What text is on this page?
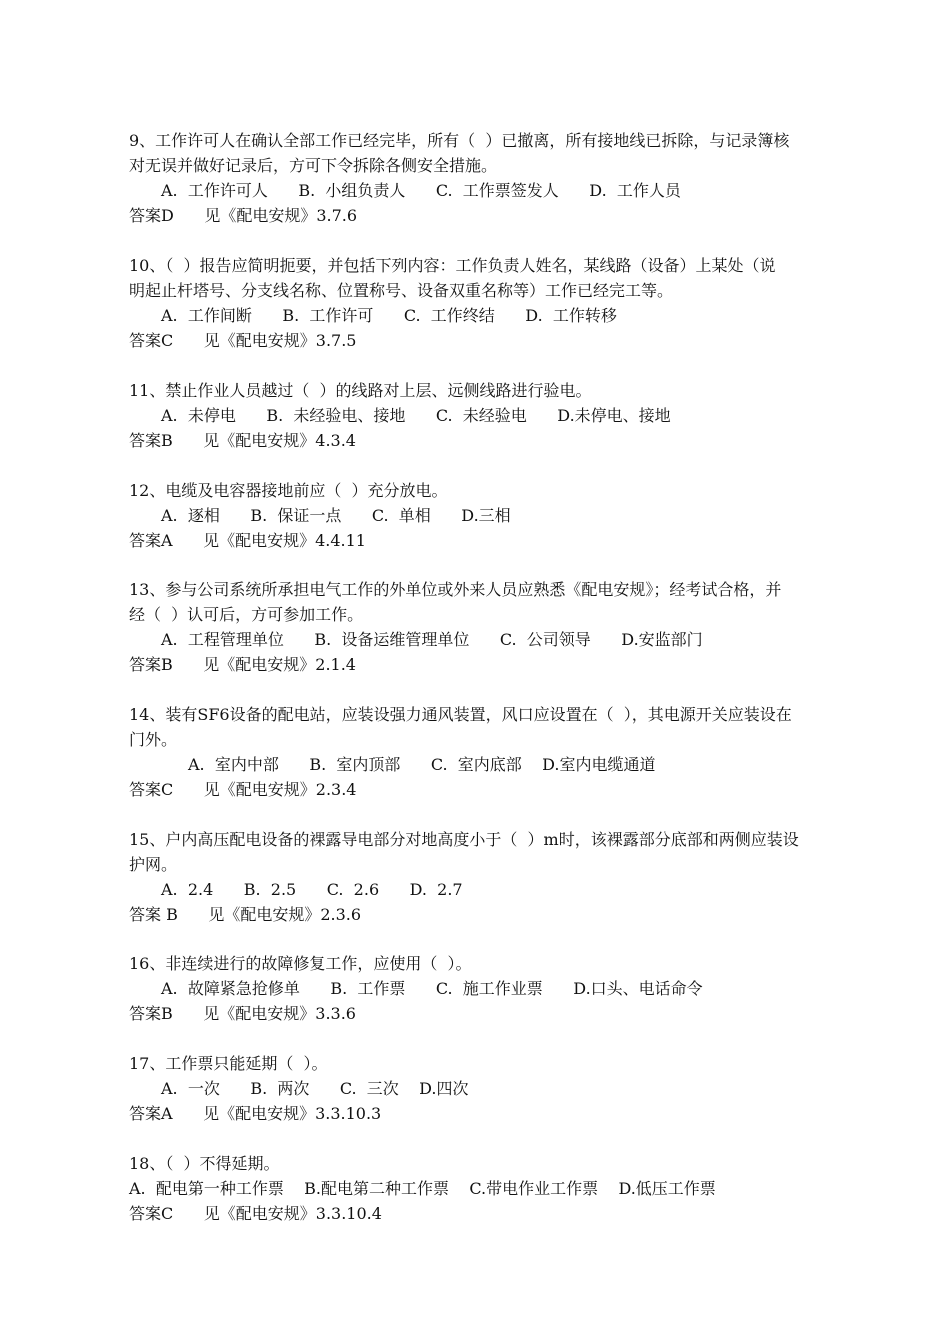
9、工作许可人在确认全部工作已经完毕，所有（  ）已撤离，所有接地线已拆除，与记录簿核
对无误并做好记录后，方可下令拆除各侧安全措施。
A.  工作许可人      B.  小组负责人      C.  工作票签发人      D.  工作人员
答案D      见《配电安规》3.7.6
10、（  ）报告应简明扼要，并包括下列内容：工作负责人姓名，某线路（设备）上某处（说
明起止杆塔号、分支线名称、位置称号、设备双重名称等）工作已经完工等。
A.  工作间断      B.  工作许可      C.  工作终结      D.  工作转移
答案C      见《配电安规》3.7.5
11、禁止作业人员越过（  ）的线路对上层、远侧线路进行验电。
A.  未停电      B.  未经验电、接地      C.  未经验电      D.未停电、接地
答案B      见《配电安规》4.3.4
12、电缆及电容器接地前应（  ）充分放电。
A.  逐相      B.  保证一点      C.  单相      D.三相
答案A      见《配电安规》4.4.11
13、参与公司系统所承担电气工作的外单位或外来人员应熟悉《配电安规》；经考试合格，并
经（  ）认可后，方可参加工作。
A.  工程管理单位      B.  设备运维管理单位      C.  公司领导      D.安监部门
答案B      见《配电安规》2.1.4
14、装有SF6设备的配电站，应装设强力通风装置，风口应设置在（  ），其电源开关应装设在
门外。
A.  室内中部      B.  室内顶部      C.  室内底部    D.室内电缆通道
答案C      见《配电安规》2.3.4
15、户内高压配电设备的裸露导电部分对地高度小于（  ）m时，该裸露部分底部和两侧应装设
护网。
A.  2.4      B.  2.5      C.  2.6      D.  2.7
答案 B      见《配电安规》2.3.6
16、非连续进行的故障修复工作，应使用（  ）。
A.  故障紧急抢修单      B.  工作票      C.  施工作业票      D.口头、电话命令
答案B      见《配电安规》3.3.6
17、工作票只能延期（  ）。
A.  一次      B.  两次      C.  三次    D.四次
答案A      见《配电安规》3.3.10.3
18、（  ）不得延期。
A.  配电第一种工作票    B.配电第二种工作票    C.带电作业工作票    D.低压工作票
答案C      见《配电安规》3.3.10.4
